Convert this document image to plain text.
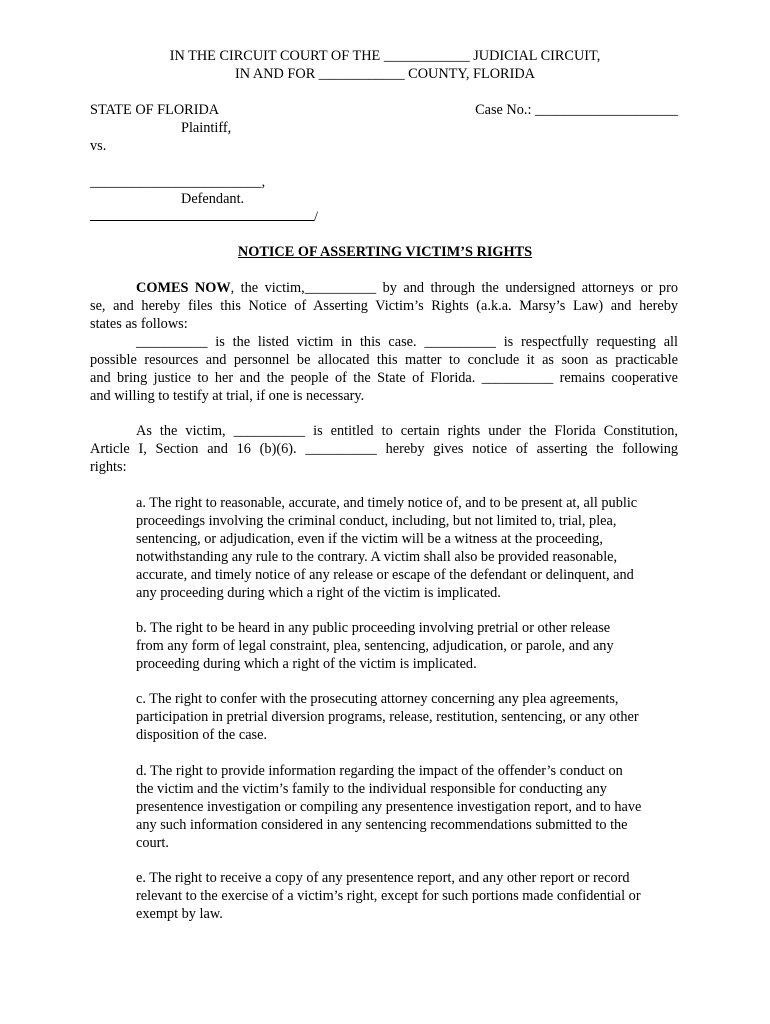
IN THE CIRCUIT COURT OF THE ____________ JUDICIAL CIRCUIT,
IN AND FOR ____________ COUNTY, FLORIDA
STATE OF FLORIDA	Case No.: ____________________
Plaintiff,
vs.
________________________,
Defendant.
/
NOTICE OF ASSERTING VICTIM’S RIGHTS

COMES NOW, the victim,__________ by and through the undersigned attorneys or pro

se, and hereby files this Notice of Asserting Victim’s Rights (a.k.a. Marsy’s Law) and hereby

states as follows:

__________ is the listed victim in this case. __________ is respectfully requesting all

possible resources and personnel be allocated this matter to conclude it as soon as practicable

and bring justice to her and the people of the State of Florida. __________ remains cooperative

and willing to testify at trial, if one is necessary.

As the victim, __________ is entitled to certain rights under the Florida Constitution,

Article I, Section and 16 (b)(6). __________ hereby gives notice of asserting the following

rights:

a. The right to reasonable, accurate, and timely notice of, and to be present at, all public

proceedings involving the criminal conduct, including, but not limited to, trial, plea,

sentencing, or adjudication, even if the victim will be a witness at the proceeding,

notwithstanding any rule to the contrary. A victim shall also be provided reasonable,

accurate, and timely notice of any release or escape of the defendant or delinquent, and

any proceeding during which a right of the victim is implicated.

b. The right to be heard in any public proceeding involving pretrial or other release

from any form of legal constraint, plea, sentencing, adjudication, or parole, and any

proceeding during which a right of the victim is implicated.

c. The right to confer with the prosecuting attorney concerning any plea agreements,

participation in pretrial diversion programs, release, restitution, sentencing, or any other

disposition of the case.

d. The right to provide information regarding the impact of the offender’s conduct on

the victim and the victim’s family to the individual responsible for conducting any

presentence investigation or compiling any presentence investigation report, and to have

any such information considered in any sentencing recommendations submitted to the

court.

e. The right to receive a copy of any presentence report, and any other report or record

relevant to the exercise of a victim’s right, except for such portions made confidential or

exempt by law.
